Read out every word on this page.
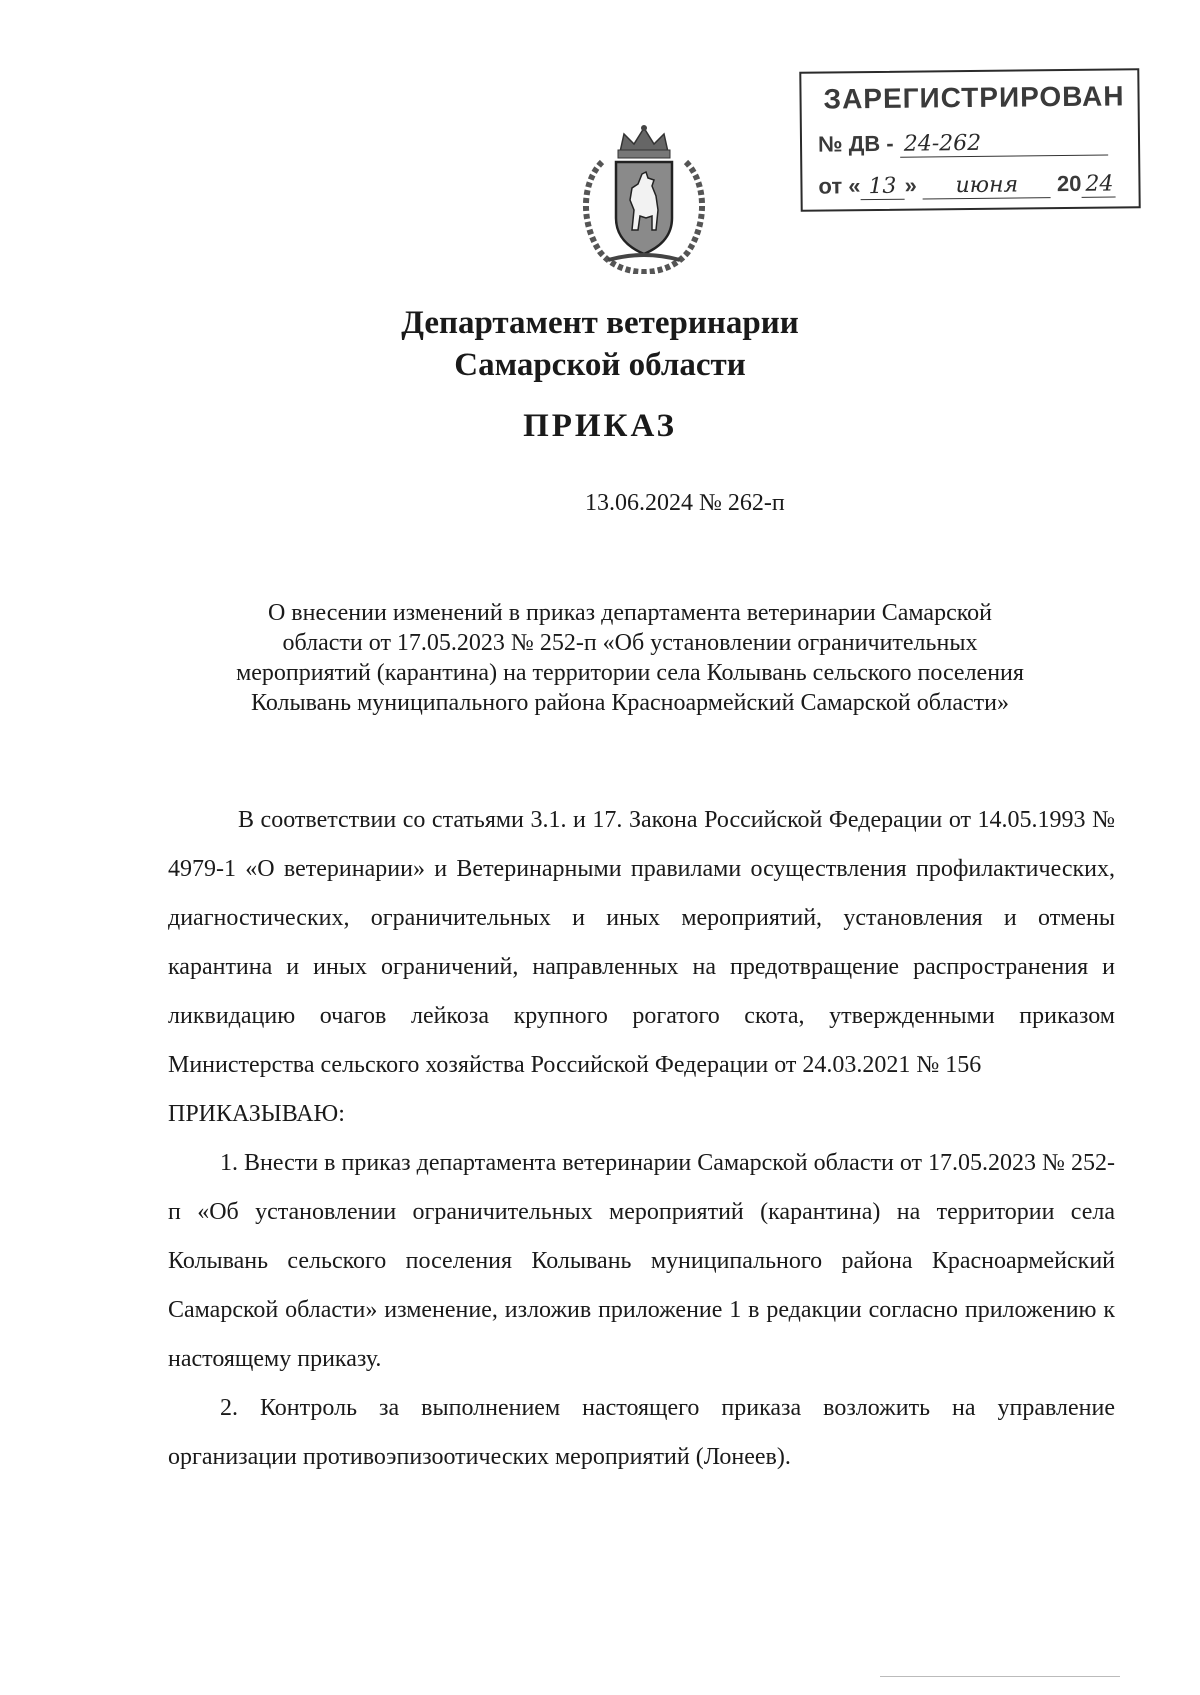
ЗАРЕГИСТРИРОВАН
№ ДВ - 24-262
от « 13 » июня 20 24
Департамент ветеринарии
Самарской области
ПРИКАЗ
13.06.2024 № 262-п
О внесении изменений в приказ департамента ветеринарии Самарской
области от 17.05.2023 № 252-п «Об установлении ограничительных
мероприятий (карантина) на территории села Колывань сельского поселения
Колывань муниципального района Красноармейский Самарской области»

В соответствии со статьями 3.1. и 17. Закона Российской Федерации от 14.05.1993 № 4979-1 «О ветеринарии» и Ветеринарными правилами осуществления профилактических, диагностических, ограничительных и иных мероприятий, установления и отмены карантина и иных ограничений, направленных на предотвращение распространения и ликвидацию очагов лейкоза крупного рогатого скота, утвержденными приказом Министерства сельского хозяйства Российской Федерации от 24.03.2021 № 156

ПРИКАЗЫВАЮ:

1. Внести в приказ департамента ветеринарии Самарской области от 17.05.2023 № 252-п «Об установлении ограничительных мероприятий (карантина) на территории села Колывань сельского поселения Колывань муниципального района Красноармейский Самарской области» изменение, изложив приложение 1 в редакции согласно приложению к настоящему приказу.

2. Контроль за выполнением настоящего приказа возложить на управление организации противоэпизоотических мероприятий (Лонеев).
